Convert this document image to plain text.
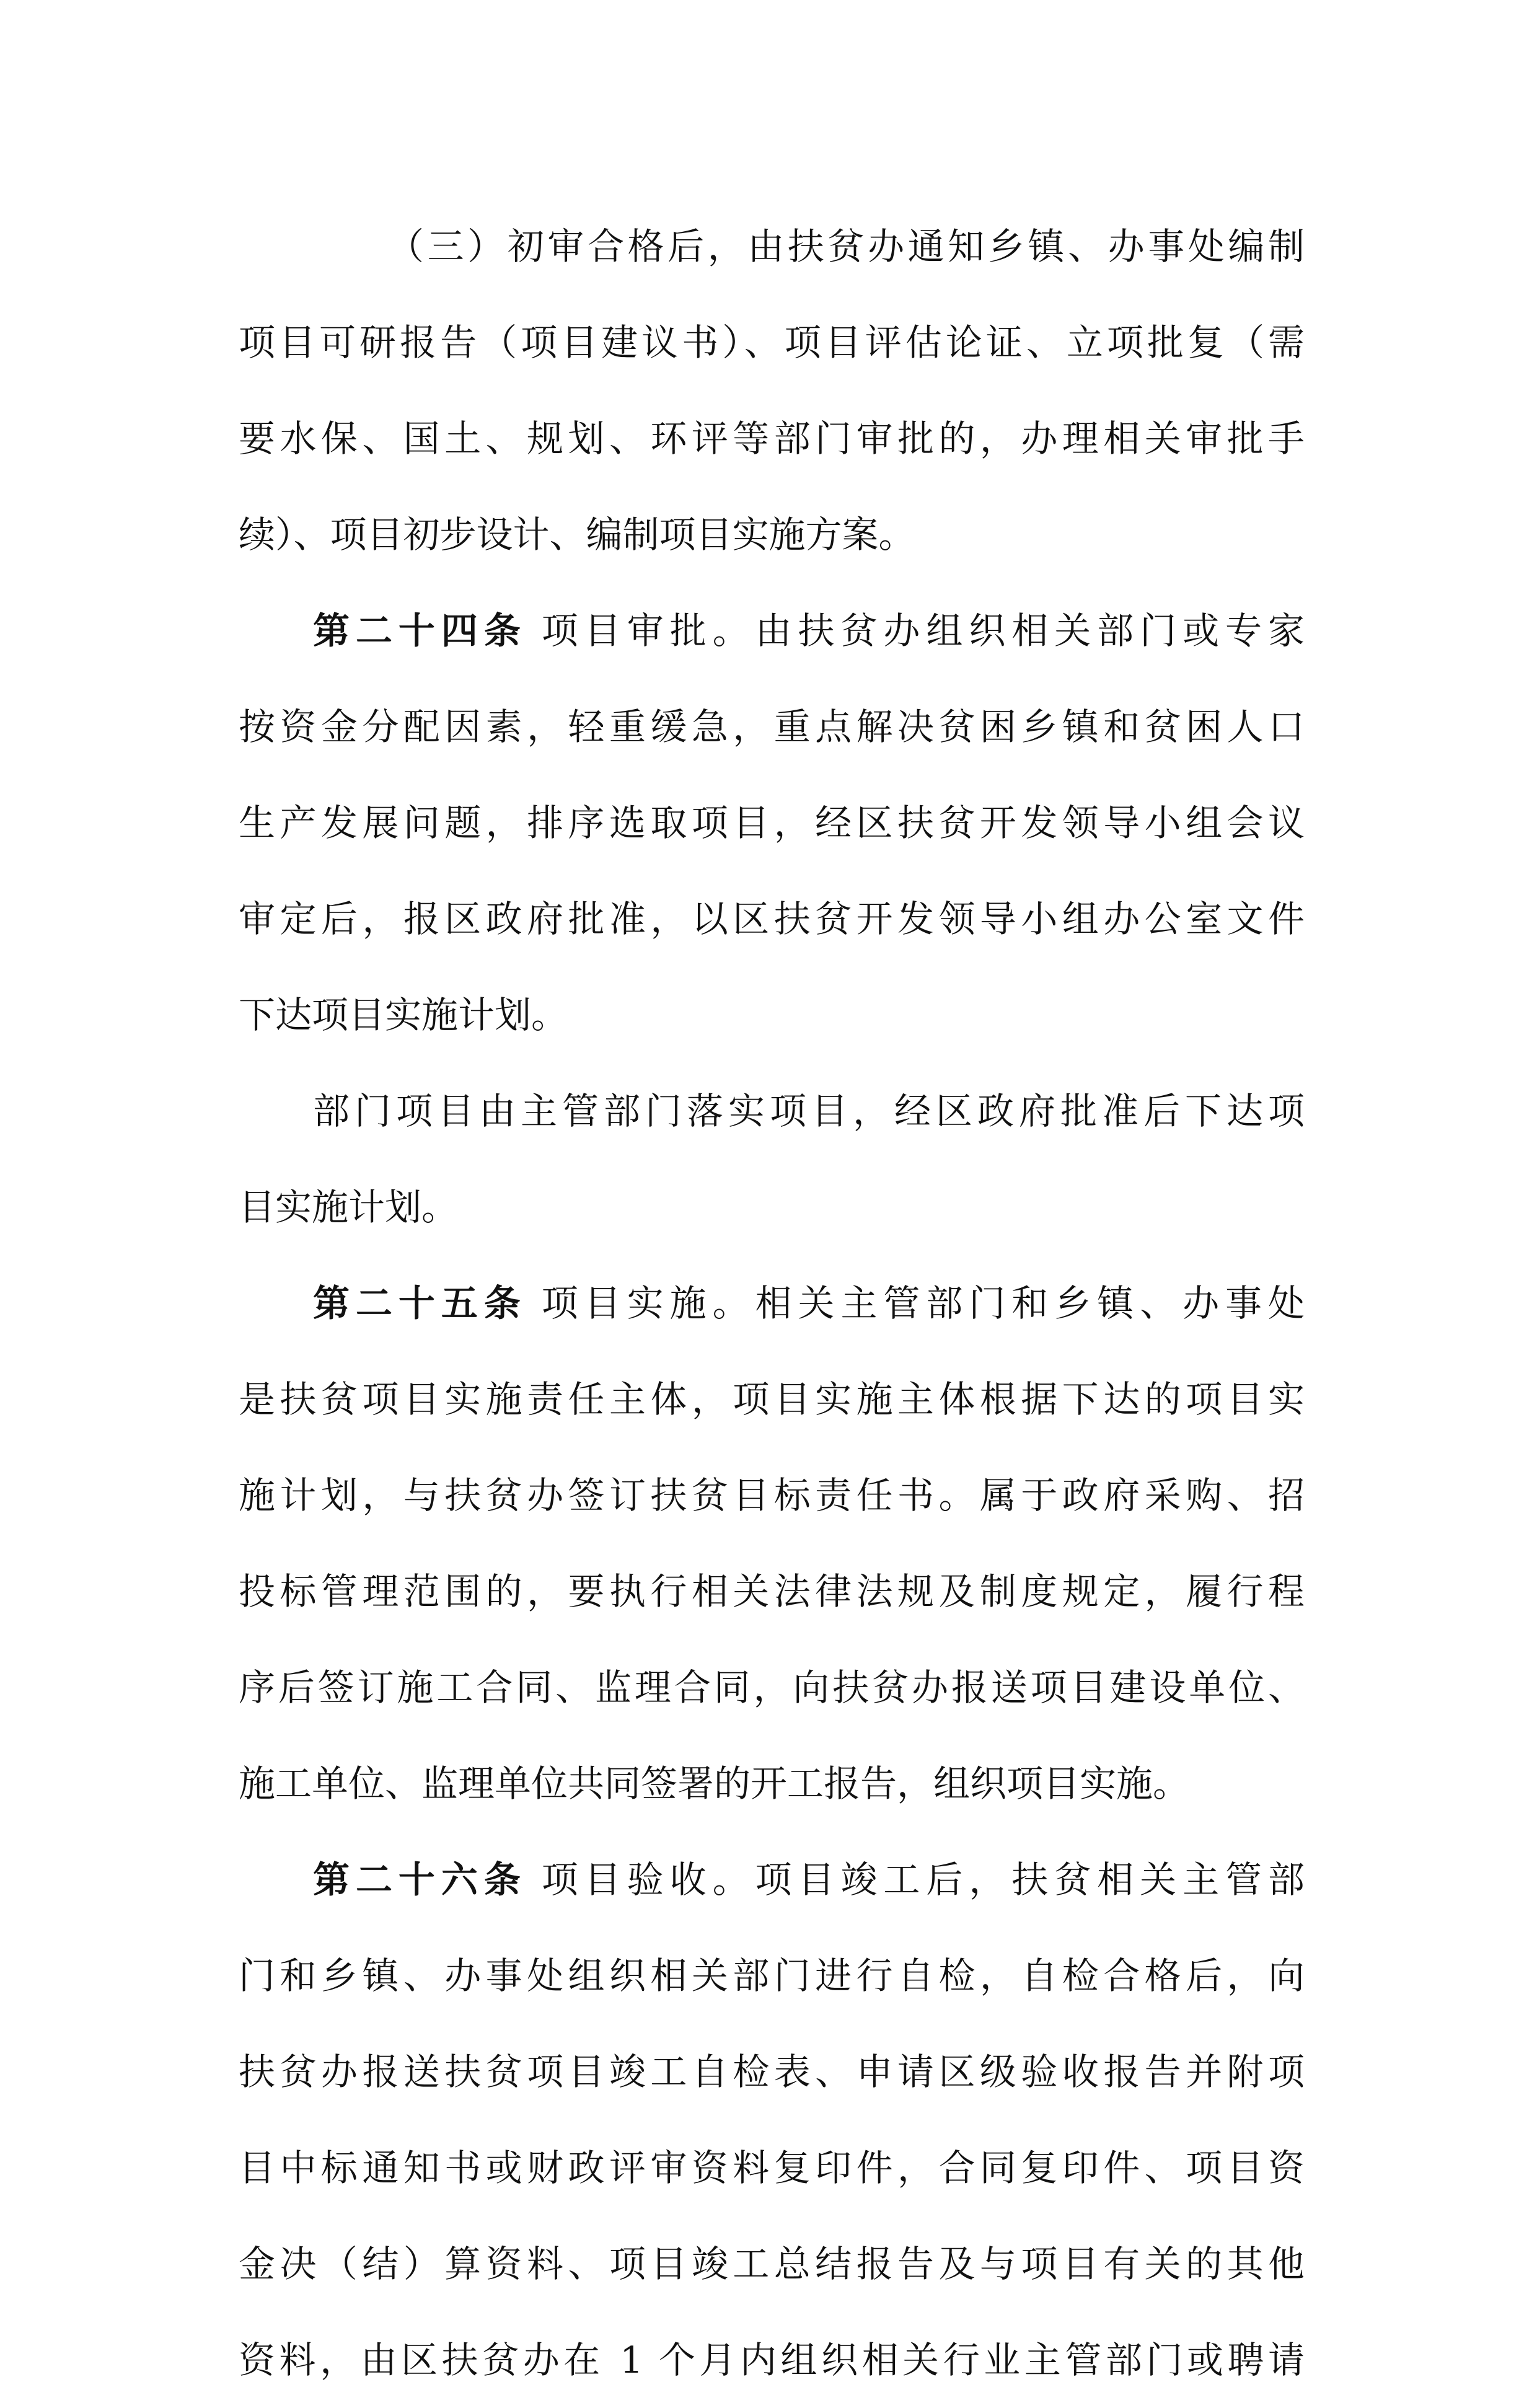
（三）初审合格后，由扶贫办通知乡镇、办事处编制
项目可研报告（项目建议书）、项目评估论证、立项批复（需
要水保、国土、规划、环评等部门审批的，办理相关审批手
续）、项目初步设计、编制项目实施方案。
第二十四条 项目审批。由扶贫办组织相关部门或专家
按资金分配因素，轻重缓急，重点解决贫困乡镇和贫困人口
生产发展问题，排序选取项目，经区扶贫开发领导小组会议
审定后，报区政府批准，以区扶贫开发领导小组办公室文件
下达项目实施计划。
部门项目由主管部门落实项目，经区政府批准后下达项
目实施计划。
第二十五条 项目实施。相关主管部门和乡镇、办事处
是扶贫项目实施责任主体，项目实施主体根据下达的项目实
施计划，与扶贫办签订扶贫目标责任书。属于政府采购、招
投标管理范围的，要执行相关法律法规及制度规定，履行程
序后签订施工合同、监理合同，向扶贫办报送项目建设单位、
施工单位、监理单位共同签署的开工报告，组织项目实施。
第二十六条 项目验收。项目竣工后，扶贫相关主管部
门和乡镇、办事处组织相关部门进行自检，自检合格后，向
扶贫办报送扶贫项目竣工自检表、申请区级验收报告并附项
目中标通知书或财政评审资料复印件，合同复印件、项目资
金决（结）算资料、项目竣工总结报告及与项目有关的其他
资料，由区扶贫办在 1 个月内组织相关行业主管部门或聘请
